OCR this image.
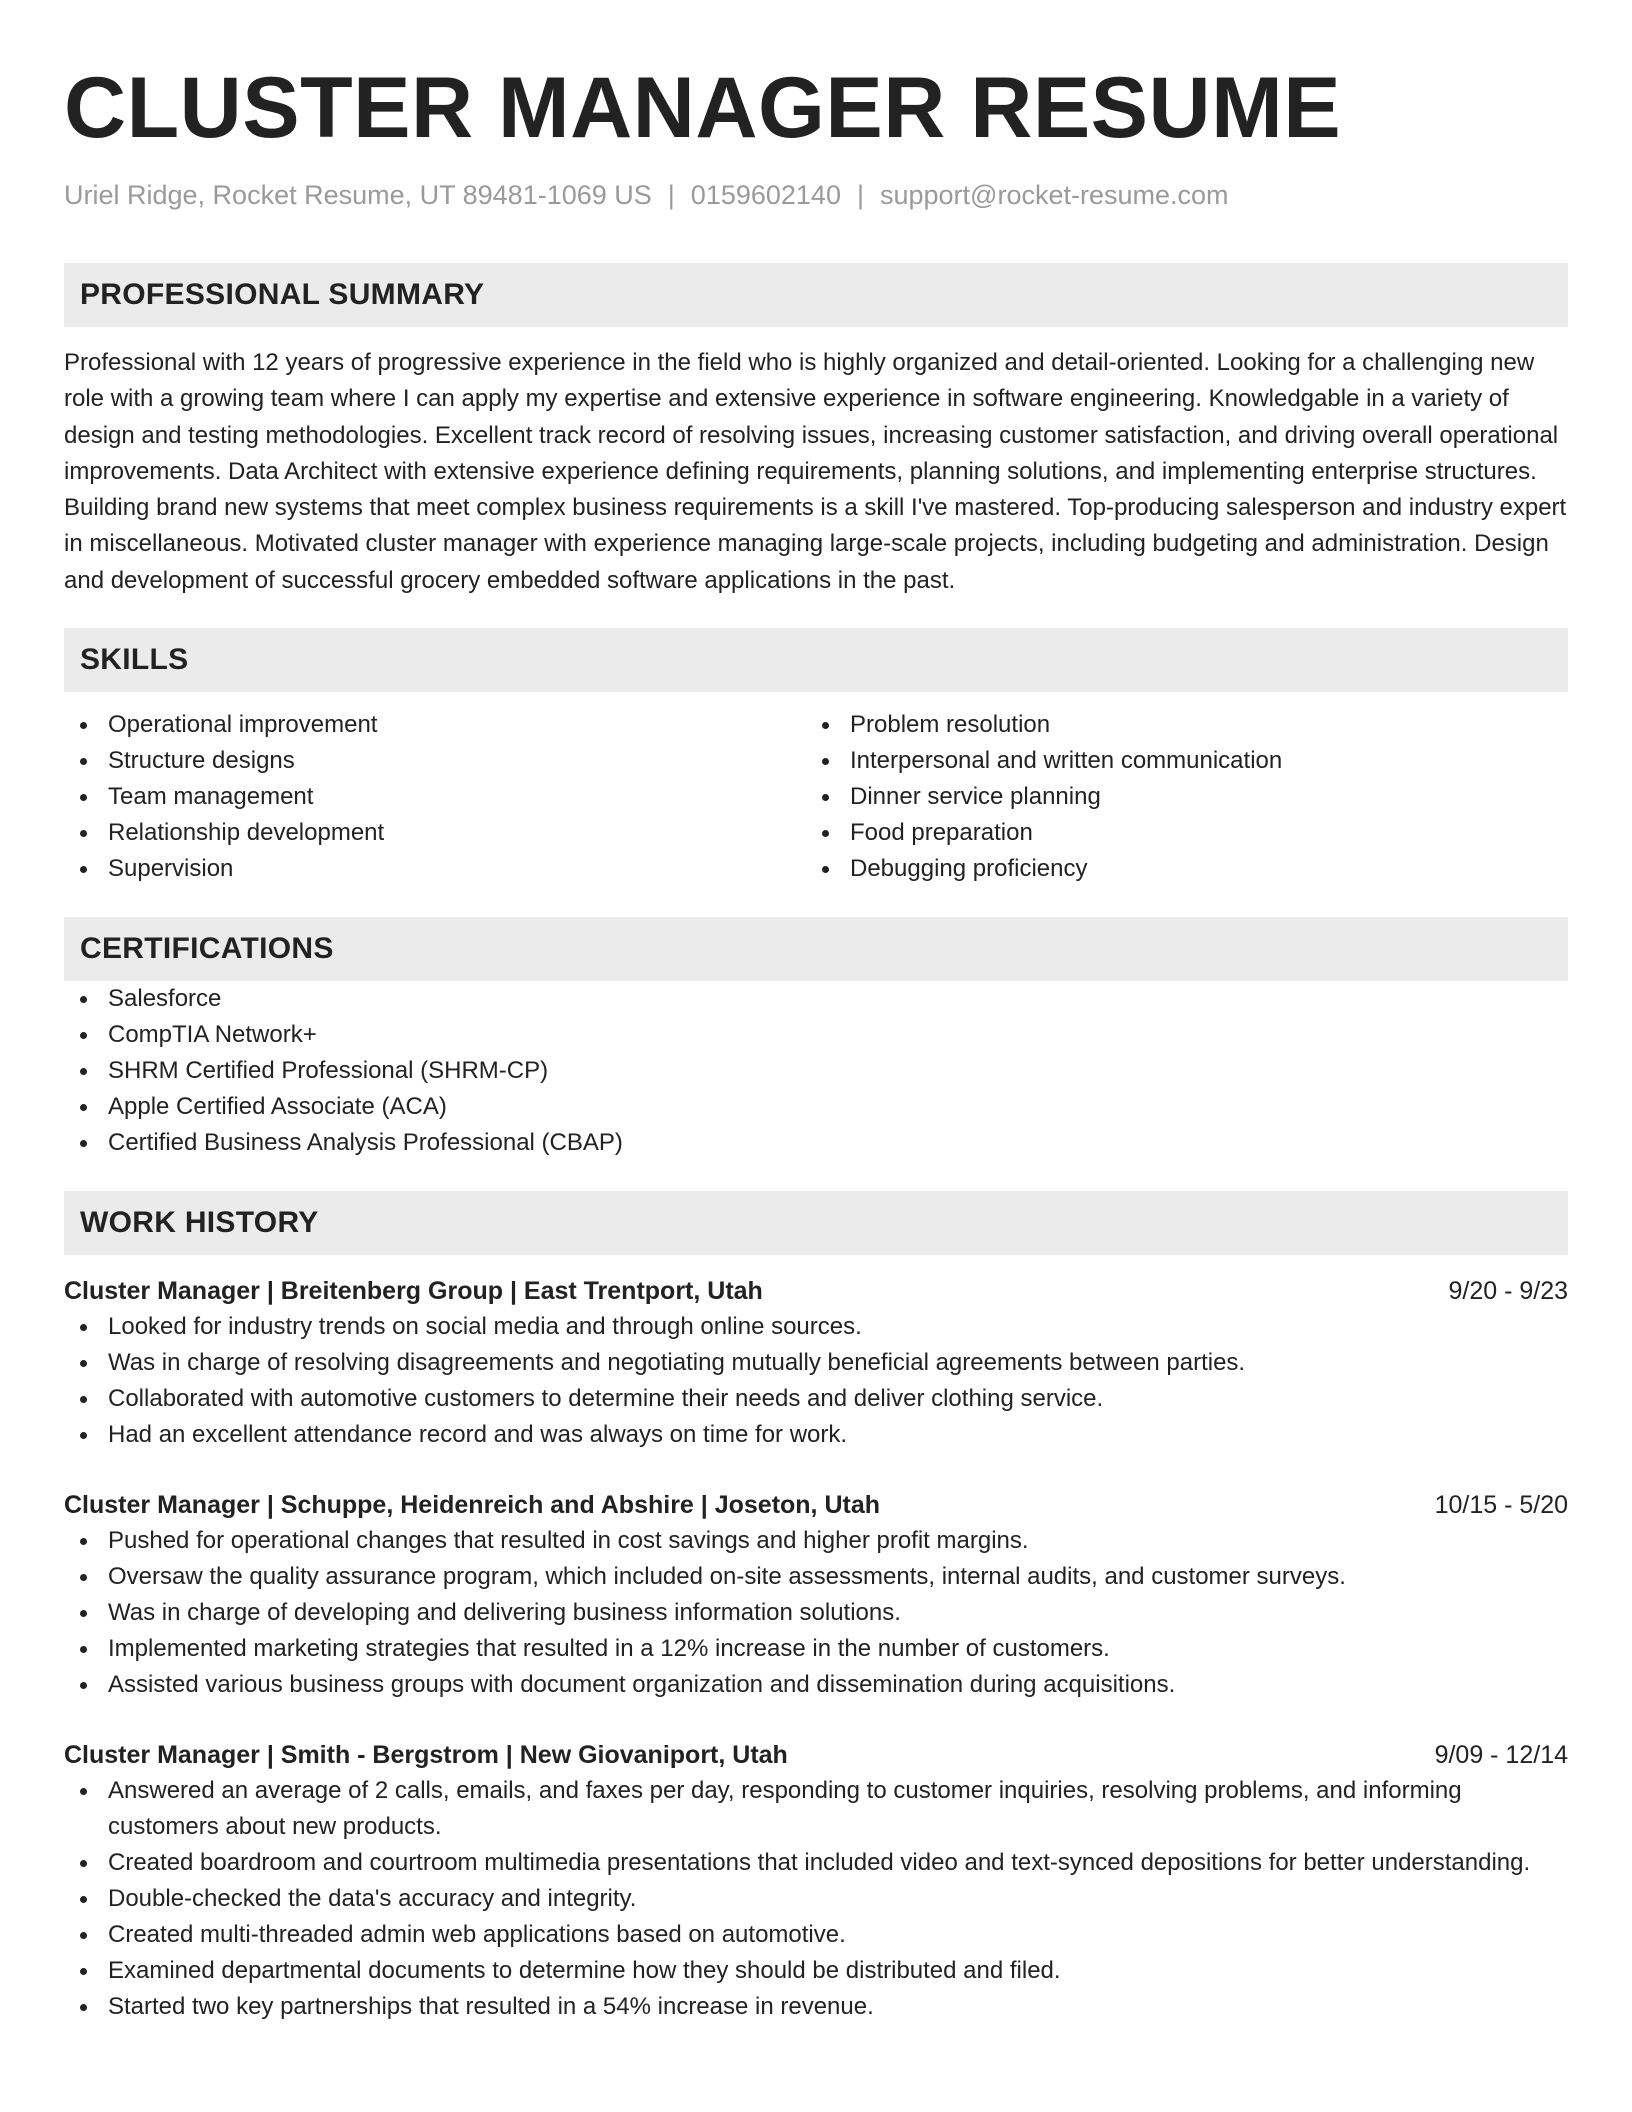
CLUSTER MANAGER RESUME
Uriel Ridge, Rocket Resume, UT 89481-1069 US | 0159602140 | support@rocket-resume.com
PROFESSIONAL SUMMARY
Professional with 12 years of progressive experience in the field who is highly organized and detail-oriented. Looking for a challenging new role with a growing team where I can apply my expertise and extensive experience in software engineering. Knowledgable in a variety of design and testing methodologies. Excellent track record of resolving issues, increasing customer satisfaction, and driving overall operational improvements. Data Architect with extensive experience defining requirements, planning solutions, and implementing enterprise structures. Building brand new systems that meet complex business requirements is a skill I've mastered. Top-producing salesperson and industry expert in miscellaneous. Motivated cluster manager with experience managing large-scale projects, including budgeting and administration. Design and development of successful grocery embedded software applications in the past.
SKILLS
Operational improvement
Structure designs
Team management
Relationship development
Supervision
Problem resolution
Interpersonal and written communication
Dinner service planning
Food preparation
Debugging proficiency
CERTIFICATIONS
Salesforce
CompTIA Network+
SHRM Certified Professional (SHRM-CP)
Apple Certified Associate (ACA)
Certified Business Analysis Professional (CBAP)
WORK HISTORY
Cluster Manager | Breitenberg Group | East Trentport, Utah	9/20 - 9/23
Looked for industry trends on social media and through online sources.
Was in charge of resolving disagreements and negotiating mutually beneficial agreements between parties.
Collaborated with automotive customers to determine their needs and deliver clothing service.
Had an excellent attendance record and was always on time for work.
Cluster Manager | Schuppe, Heidenreich and Abshire | Joseton, Utah	10/15 - 5/20
Pushed for operational changes that resulted in cost savings and higher profit margins.
Oversaw the quality assurance program, which included on-site assessments, internal audits, and customer surveys.
Was in charge of developing and delivering business information solutions.
Implemented marketing strategies that resulted in a 12% increase in the number of customers.
Assisted various business groups with document organization and dissemination during acquisitions.
Cluster Manager | Smith - Bergstrom | New Giovaniport, Utah	9/09 - 12/14
Answered an average of 2 calls, emails, and faxes per day, responding to customer inquiries, resolving problems, and informing customers about new products.
Created boardroom and courtroom multimedia presentations that included video and text-synced depositions for better understanding.
Double-checked the data's accuracy and integrity.
Created multi-threaded admin web applications based on automotive.
Examined departmental documents to determine how they should be distributed and filed.
Started two key partnerships that resulted in a 54% increase in revenue.
